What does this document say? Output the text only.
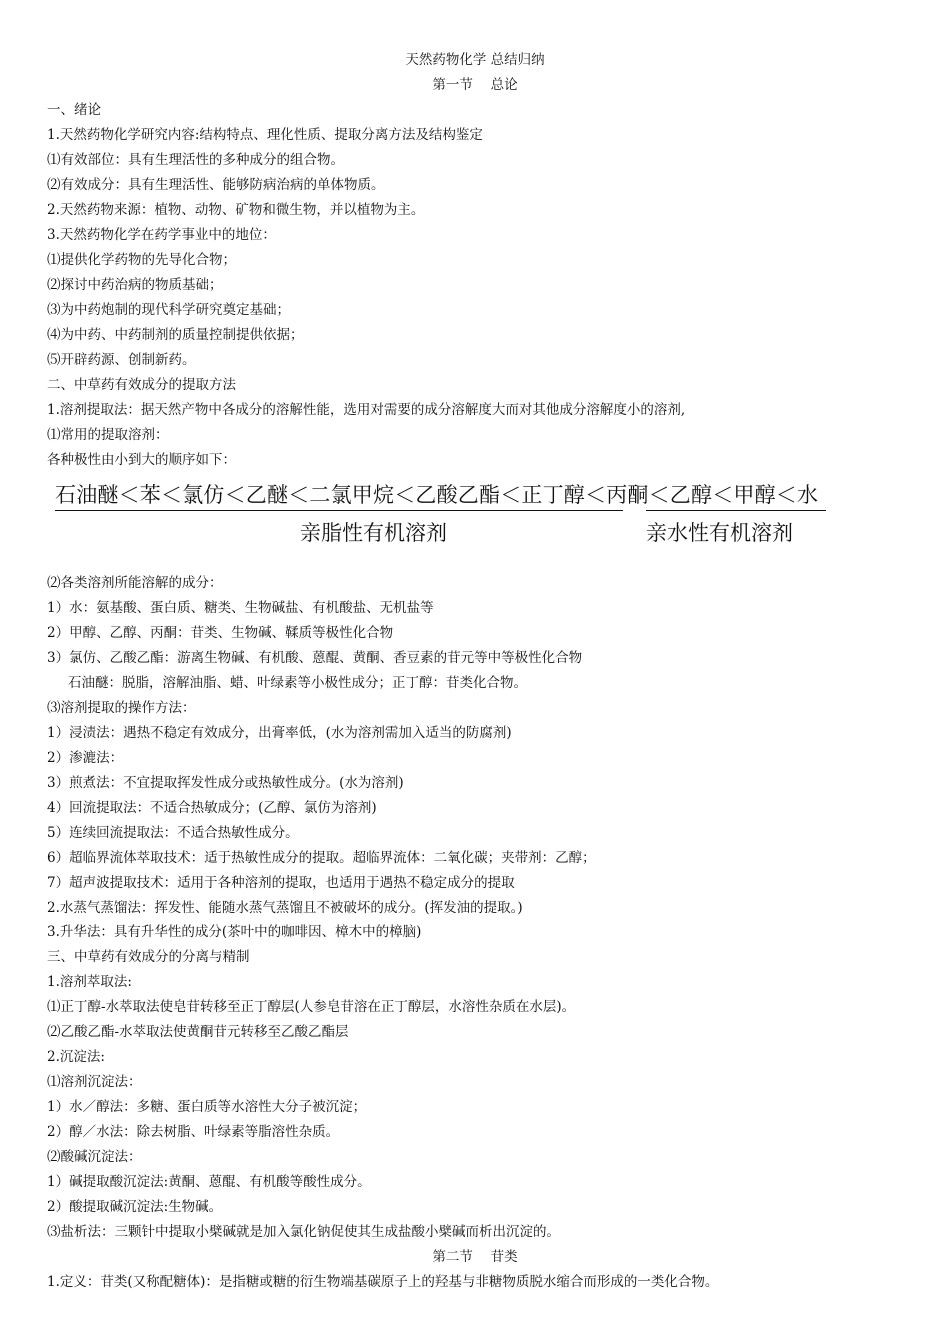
天然药物化学 总结归纳
第一节　 总论
一、绪论
1.天然药物化学研究内容:结构特点、理化性质、提取分离方法及结构鉴定
⑴有效部位：具有生理活性的多种成分的组合物。
⑵有效成分：具有生理活性、能够防病治病的单体物质。
2.天然药物来源：植物、动物、矿物和微生物，并以植物为主。
3.天然药物化学在药学事业中的地位：
⑴提供化学药物的先导化合物；
⑵探讨中药治病的物质基础；
⑶为中药炮制的现代科学研究奠定基础；
⑷为中药、中药制剂的质量控制提供依据；
⑸开辟药源、创制新药。
二、中草药有效成分的提取方法
1.溶剂提取法：据天然产物中各成分的溶解性能，选用对需要的成分溶解度大而对其他成分溶解度小的溶剂,
⑴常用的提取溶剂：
各种极性由小到大的顺序如下：
石油醚＜苯＜氯仿＜乙醚＜二氯甲烷＜乙酸乙酯＜正丁醇＜丙酮＜乙醇＜甲醇＜水
亲脂性有机溶剂	亲水性有机溶剂
⑵各类溶剂所能溶解的成分：
1）水：氨基酸、蛋白质、糖类、生物碱盐、有机酸盐、无机盐等
2）甲醇、乙醇、丙酮：苷类、生物碱、鞣质等极性化合物
3）氯仿、乙酸乙酯：游离生物碱、有机酸、蒽醌、黄酮、香豆素的苷元等中等极性化合物
石油醚：脱脂，溶解油脂、蜡、叶绿素等小极性成分；正丁醇：苷类化合物。
⑶溶剂提取的操作方法：
1）浸渍法：遇热不稳定有效成分，出膏率低，(水为溶剂需加入适当的防腐剂)
2）渗漉法：
3）煎煮法：不宜提取挥发性成分或热敏性成分。(水为溶剂)
4）回流提取法：不适合热敏成分；(乙醇、氯仿为溶剂)
5）连续回流提取法：不适合热敏性成分。
6）超临界流体萃取技术：适于热敏性成分的提取。超临界流体：二氧化碳；夹带剂：乙醇；
7）超声波提取技术：适用于各种溶剂的提取，也适用于遇热不稳定成分的提取
2.水蒸气蒸馏法：挥发性、能随水蒸气蒸馏且不被破坏的成分。(挥发油的提取。)
3.升华法：具有升华性的成分(茶叶中的咖啡因、樟木中的樟脑)
三、中草药有效成分的分离与精制
1.溶剂萃取法:
⑴正丁醇-水萃取法使皂苷转移至正丁醇层(人参皂苷溶在正丁醇层，水溶性杂质在水层)。
⑵乙酸乙酯-水萃取法使黄酮苷元转移至乙酸乙酯层
2.沉淀法:
⑴溶剂沉淀法：
1）水／醇法：多糖、蛋白质等水溶性大分子被沉淀；
2）醇／水法：除去树脂、叶绿素等脂溶性杂质。
⑵酸碱沉淀法：
1）碱提取酸沉淀法:黄酮、蒽醌、有机酸等酸性成分。
2）酸提取碱沉淀法:生物碱。
⑶盐析法：三颗针中提取小檗碱就是加入氯化钠促使其生成盐酸小檗碱而析出沉淀的。
第二节　 苷类
1.定义：苷类(又称配糖体)：是指糖或糖的衍生物端基碳原子上的羟基与非糖物质脱水缩合而形成的一类化合物。
